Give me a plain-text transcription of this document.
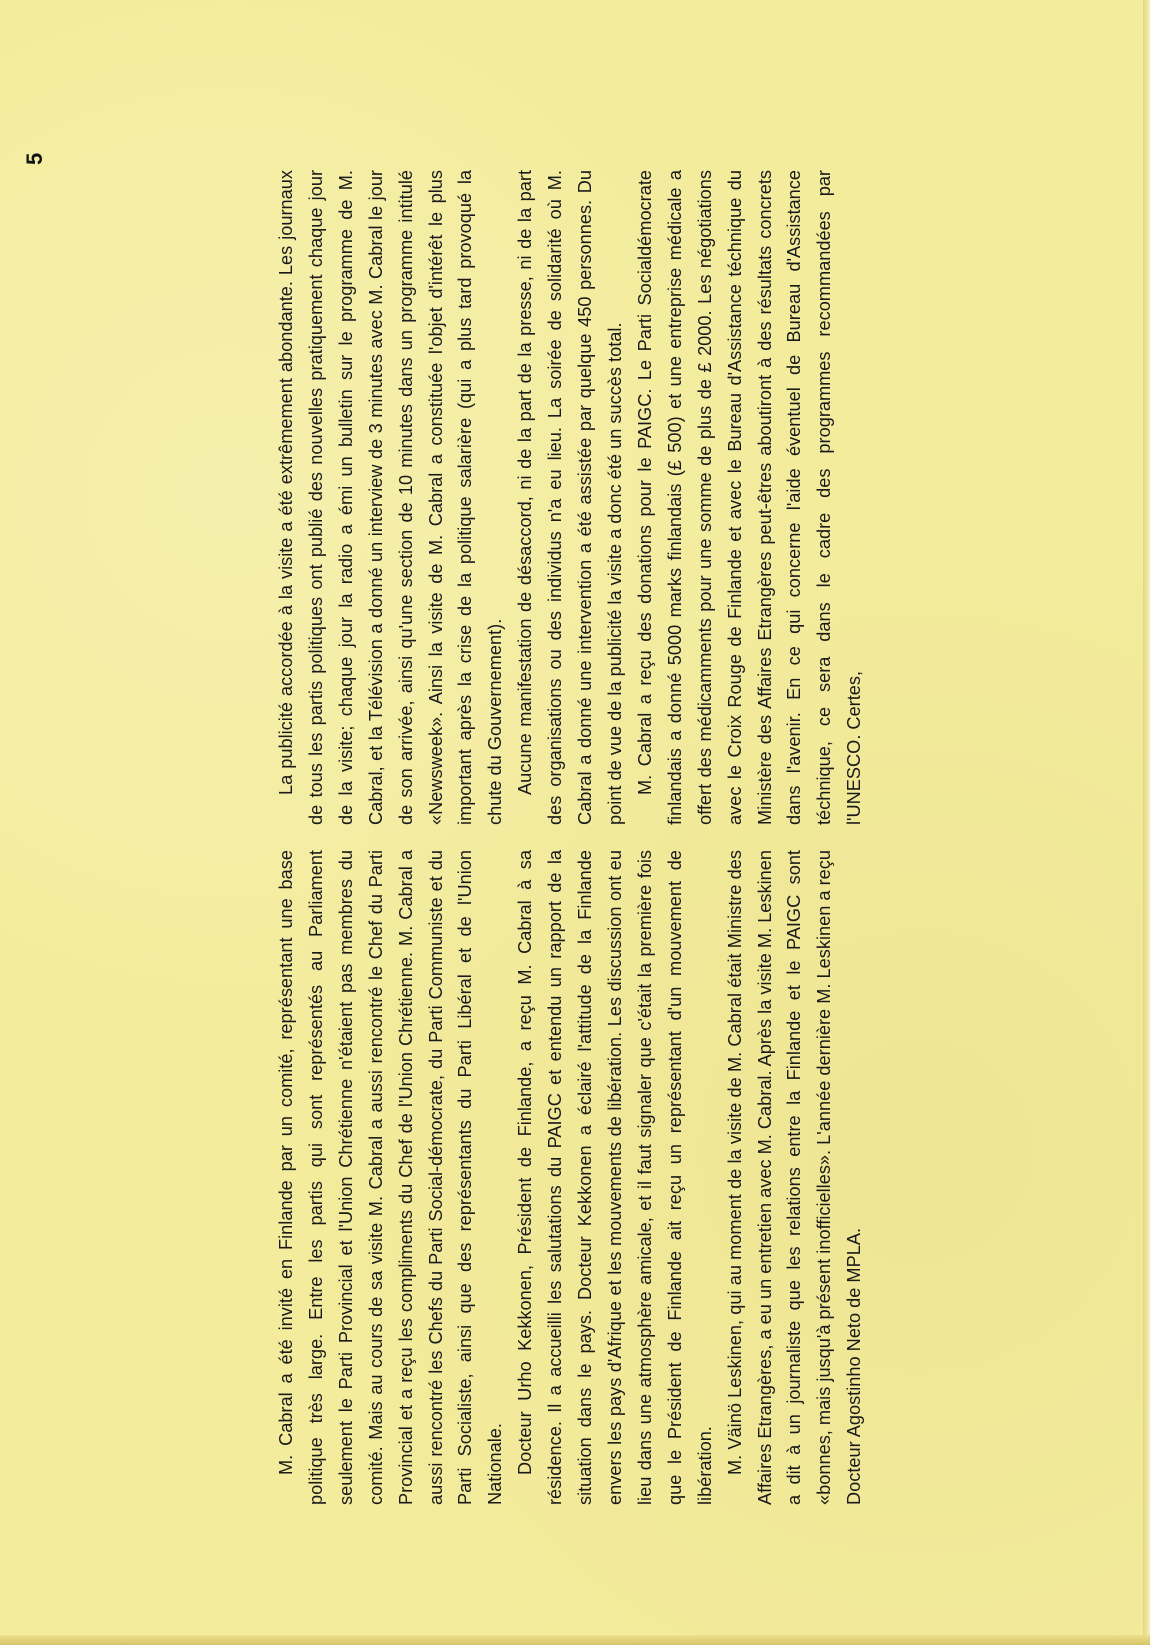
5

M. Cabral a été invité en Finlande par un comité, représentant une base politique très large. Entre les partis qui sont représentés au Parliament seulement le Parti Provincial et l'Union Chrétienne n'étaient pas membres du comité. Mais au cours de sa visite M. Cabral a aussi rencontré le Chef du Parti Provincial et a reçu les compliments du Chef de l'Union Chrétienne. M. Cabral a aussi rencontré les Chefs du Parti Social-démocrate, du Parti Communiste et du Parti Socialiste, ainsi que des représentants du Parti Libéral et de l'Union Nationale. Docteur Urho Kekkonen, Président de Finlande, a reçu M. Cabral à sa résidence. Il a accueilli les salutations du PAIGC et entendu un rapport de la situation dans le pays. Docteur Kekkonen a éclairé l'attitude de la Finlande envers les pays d'Afrique et les mouvements de libération. Les discussion ont eu lieu dans une atmosphère amicale, et il faut signaler que c'était la première fois que le Président de Finlande ait reçu un représentant d'un mouvement de libération. M. Väinö Leskinen, qui au moment de la visite de M. Cabral était Ministre des Affaires Etrangères, a eu un entretien avec M. Cabral. Après la visite M. Leskinen a dit à un journaliste que les relations entre la Finlande et le PAIGC sont «bonnes, mais jusqu'à présent inofficielles». L'année dernière M. Leskinen a reçu Docteur Agostinho Neto de MPLA.

La publicité accordée à la visite a été extrêmement abondante. Les journaux de tous les partis politiques ont publié des nouvelles pratiquement chaque jour de la visite; chaque jour la radio a émi un bulletin sur le programme de M. Cabral, et la Télévision a donné un interview de 3 minutes avec M. Cabral le jour de son arrivée, ainsi qu'une section de 10 minutes dans un programme intitulé «Newsweek». Ainsi la visite de M. Cabral a constituée l'objet d'intérêt le plus important après la crise de la politique salarière (qui a plus tard provoqué la chute du Gouvernement). Aucune manifestation de désaccord, ni de la part de la presse, ni de la part des organisations ou des individus n'a eu lieu. La soirée de solidarité où M. Cabral a donné une intervention a été assistée par quelque 450 personnes. Du point de vue de la publicité la visite a donc été un succès total. M. Cabral a reçu des donations pour le PAIGC. Le Parti Socialdémocrate finlandais a donné 5000 marks finlandais (£ 500) et une entreprise médicale a offert des médicamments pour une somme de plus de £ 2000. Les négotiations avec le Croix Rouge de Finlande et avec le Bureau d'Assistance téchnique du Ministère des Affaires Etrangères peut-êtres aboutiront à des résultats concrets dans l'avenir. En ce qui concerne l'aide éventuel de Bureau d'Assistance téchnique, ce sera dans le cadre des programmes recommandées par l'UNESCO. Certes,
